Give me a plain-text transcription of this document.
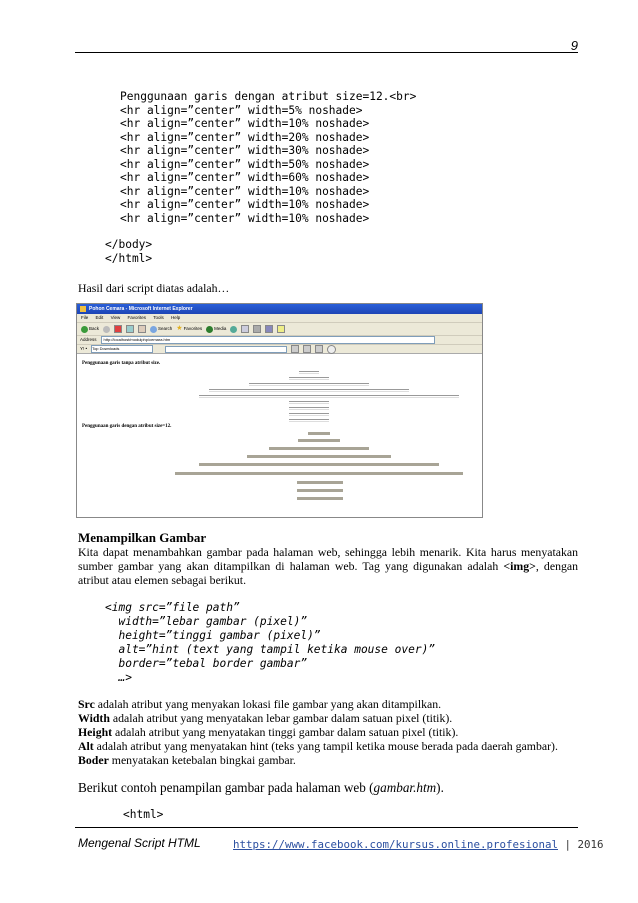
9
Penggunaan garis dengan atribut size=12.<br>
<hr align=”center” width=5% noshade>
<hr align=”center” width=10% noshade>
<hr align=”center” width=20% noshade>
<hr align=”center” width=30% noshade>
<hr align=”center” width=50% noshade>
<hr align=”center” width=60% noshade>
<hr align=”center” width=10% noshade>
<hr align=”center” width=10% noshade>
<hr align=”center” width=10% noshade>
</body>
</html>
Hasil dari script diatas adalah…
Pohon Cemara - Microsoft Internet Explorer
File Edit View Favorites Tools Help
Back	Search ★ Favorites	Media
Address	http://localhost/modulphp/cemara.htm
Y! • Top Downloads
Penggunaan garis tanpa atribut size.
Penggunaan garis dengan atribut size=12.
Menampilkan Gambar
Kita dapat menambahkan gambar pada halaman web, sehingga lebih menarik. Kita harus menyatakan sumber gambar yang akan ditampilkan di halaman web. Tag yang digunakan adalah <img>, dengan atribut atau elemen sebagai berikut.
<img src=”file path”
width=”lebar gambar (pixel)”
height=”tinggi gambar (pixel)”
alt=”hint (text yang tampil ketika mouse over)”
border=”tebal border gambar”
…>
Src adalah atribut yang menyakan lokasi file gambar yang akan ditampilkan.
Width adalah atribut yang menyatakan lebar gambar dalam satuan pixel (titik).
Height adalah atribut yang menyatakan tinggi gambar dalam satuan pixel (titik).
Alt adalah atribut yang menyatakan hint (teks yang tampil ketika mouse berada pada daerah gambar).
Boder menyatakan ketebalan bingkai gambar.
Berikut contoh penampilan gambar pada halaman web (gambar.htm).
<html>
Mengenal Script HTML	https://www.facebook.com/kursus.online.profesional | 2016
